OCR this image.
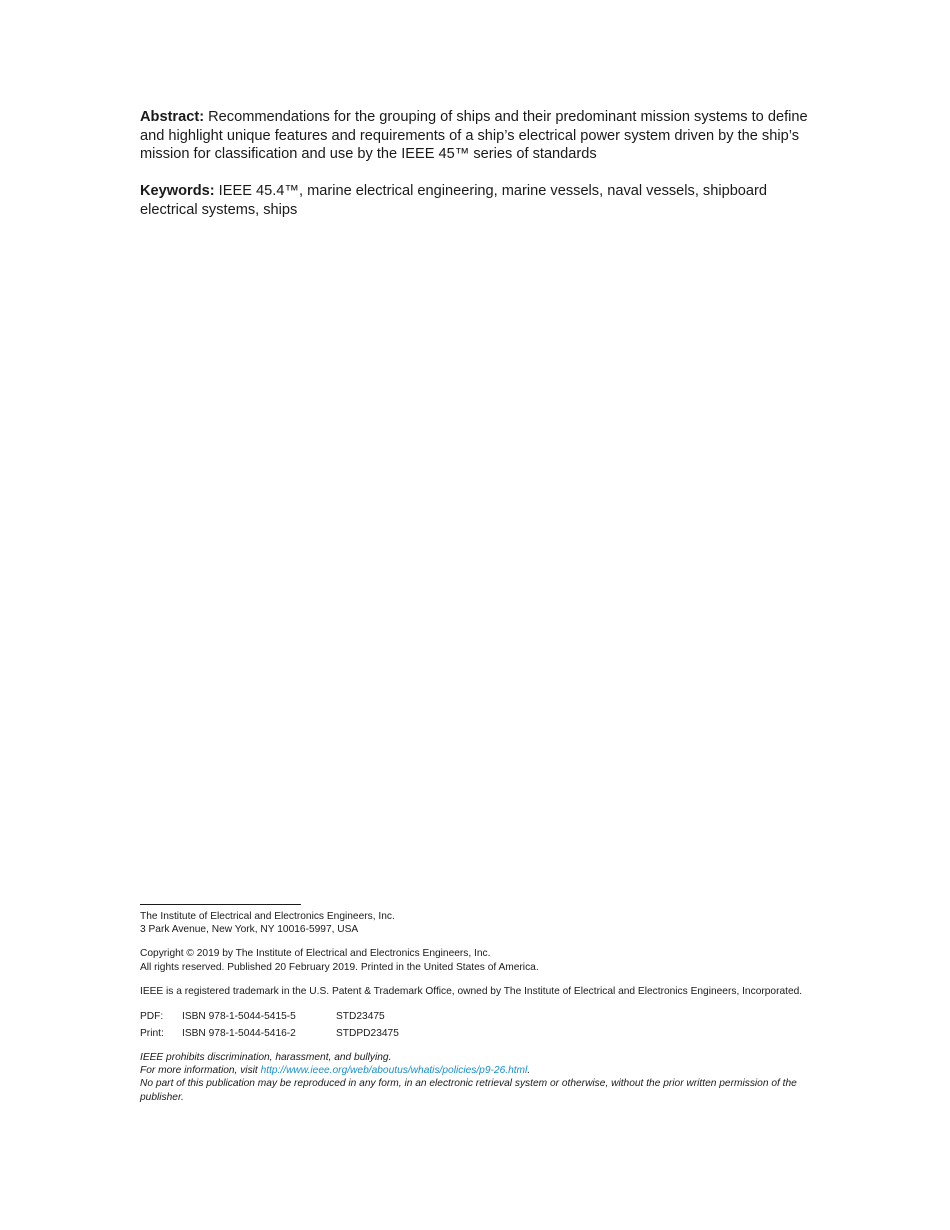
Abstract: Recommendations for the grouping of ships and their predominant mission systems to define and highlight unique features and requirements of a ship’s electrical power system driven by the ship’s mission for classification and use by the IEEE 45™ series of standards

Keywords: IEEE 45.4™, marine electrical engineering, marine vessels, naval vessels, shipboard electrical systems, ships

The Institute of Electrical and Electronics Engineers, Inc.

3 Park Avenue, New York, NY 10016-5997, USA

Copyright © 2019 by The Institute of Electrical and Electronics Engineers, Inc.

All rights reserved. Published 20 February 2019. Printed in the United States of America.

IEEE is a registered trademark in the U.S. Patent & Trademark Office, owned by The Institute of Electrical and Electronics Engineers, Incorporated.

PDF:	ISBN 978-1-5044-5415-5	STD23475
Print:	ISBN 978-1-5044-5416-2	STDPD23475

IEEE prohibits discrimination, harassment, and bullying.

For more information, visit http://www.ieee.org/web/aboutus/whatis/policies/p9-26.html.

No part of this publication may be reproduced in any form, in an electronic retrieval system or otherwise, without the prior written permission of the publisher.
